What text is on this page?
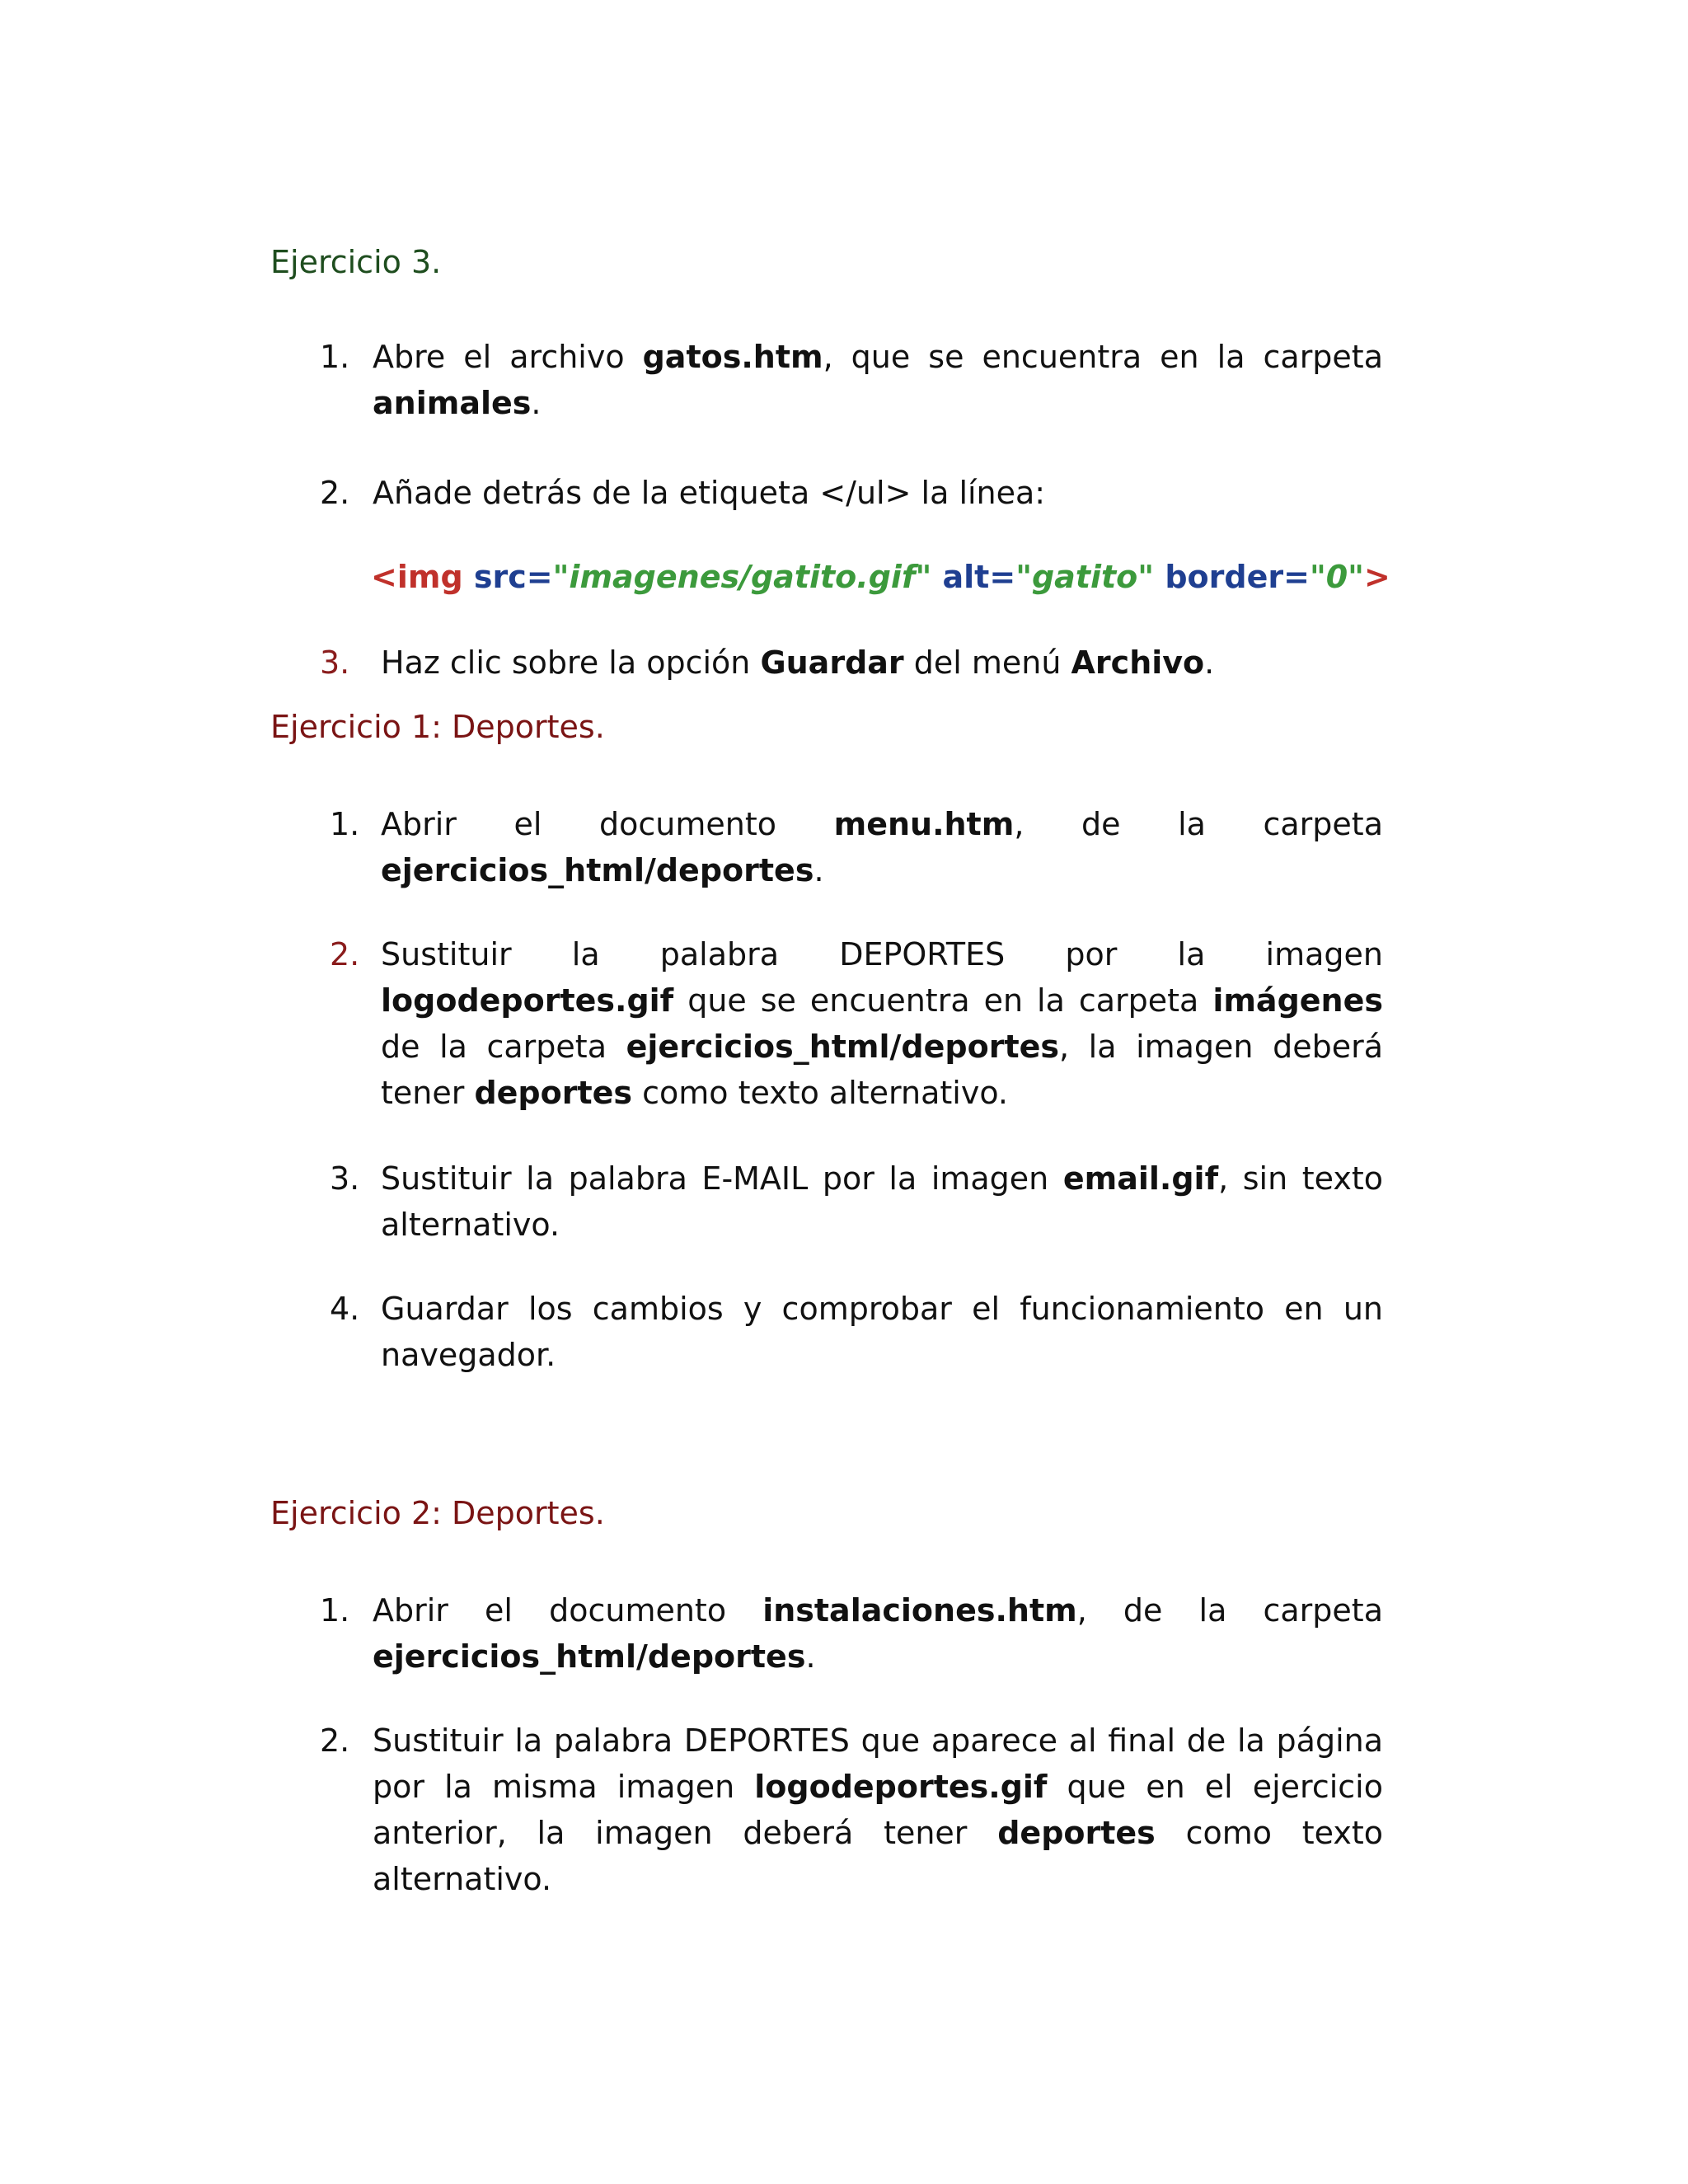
Ejercicio 3.
1. Abre el archivo gatos.htm, que se encuentra en la carpeta animales.
2. Añade detrás de la etiqueta </ul> la línea:
<img src="imagenes/gatito.gif" alt="gatito" border="0">
3. Haz clic sobre la opción Guardar del menú Archivo.
Ejercicio 1: Deportes.
1. Abrir el documento menu.htm, de la carpeta ejercicios_html/deportes.
2. Sustituir la palabra DEPORTES por la imagen logodeportes.gif que se encuentra en la carpeta imágenes de la carpeta ejercicios_html/deportes, la imagen deberá tener deportes como texto alternativo.
3. Sustituir la palabra E-MAIL por la imagen email.gif, sin texto alternativo.
4. Guardar los cambios y comprobar el funcionamiento en un navegador.
Ejercicio 2: Deportes.
1. Abrir el documento instalaciones.htm, de la carpeta ejercicios_html/deportes.
2. Sustituir la palabra DEPORTES que aparece al final de la página por la misma imagen logodeportes.gif que en el ejercicio anterior, la imagen deberá tener deportes como texto alternativo.
